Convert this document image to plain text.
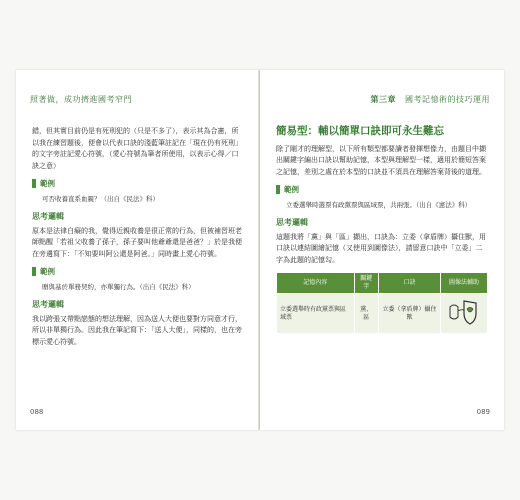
照著做，成功擠進國考窄門

錯，但其實目前仍是有死刑犯的（只是不多了），表示其為合憲，所以我在練習題後，便會以代表口訣的淺藍筆註記在「現在仍有死刑」的文字旁註記愛心符號，（愛心符號為筆者所使用，以表示心得／口訣之意）

範例
可否收養直系血親？（出自《民法》科）
思考邏輯

原本是法律白癡的我，覺得近親收養是很正常的行為，但被補習班老師點醒「若祖父收養了孫子，孫子要叫他爺爺還是爸爸？」於是我便在旁邊寫下：「不知要叫阿公還是阿爸。」同時畫上愛心符號。

範例
贈與基於單務契約，亦單獨行為。（出自《民法》科）
思考邏輯

我以跨張又帶點戀態的想法理解，因為送人大便也要對方同意才行，所以非單獨行為。因此我在筆記寫下：「送人大便」，同樣的，也在旁標示愛心符號。

088
第三章 國考記憶術的技巧運用
簡易型：輔以簡單口訣即可永生難忘

除了剛才的理解型，以下所有類型都要讀者發揮想像力，由題目中擷出關鍵字編出口訣以幫助記憶，本型與理解型一樣，適用於簡短答案之記憶，差別之處在於本型的口訣並不須具在理解答案背後的道理。

範例
立委選舉時選票有政黨票與區域票，共兩張。（出自《憲法》科）
思考邏輯

這題我將「黨」與「區」擷出，口訣為：立委（拿盾牌）攝住獸，用口訣以連結圖繪記憶（又使用到圖像法），請留意口訣中「立委」二字為此題的記憶勾。

記憶內容	關鍵字	口訣	圖像法輔助
立委選舉時有政黨票與區域票	黨、區	立委（拿盾牌）攝住獸	
089
